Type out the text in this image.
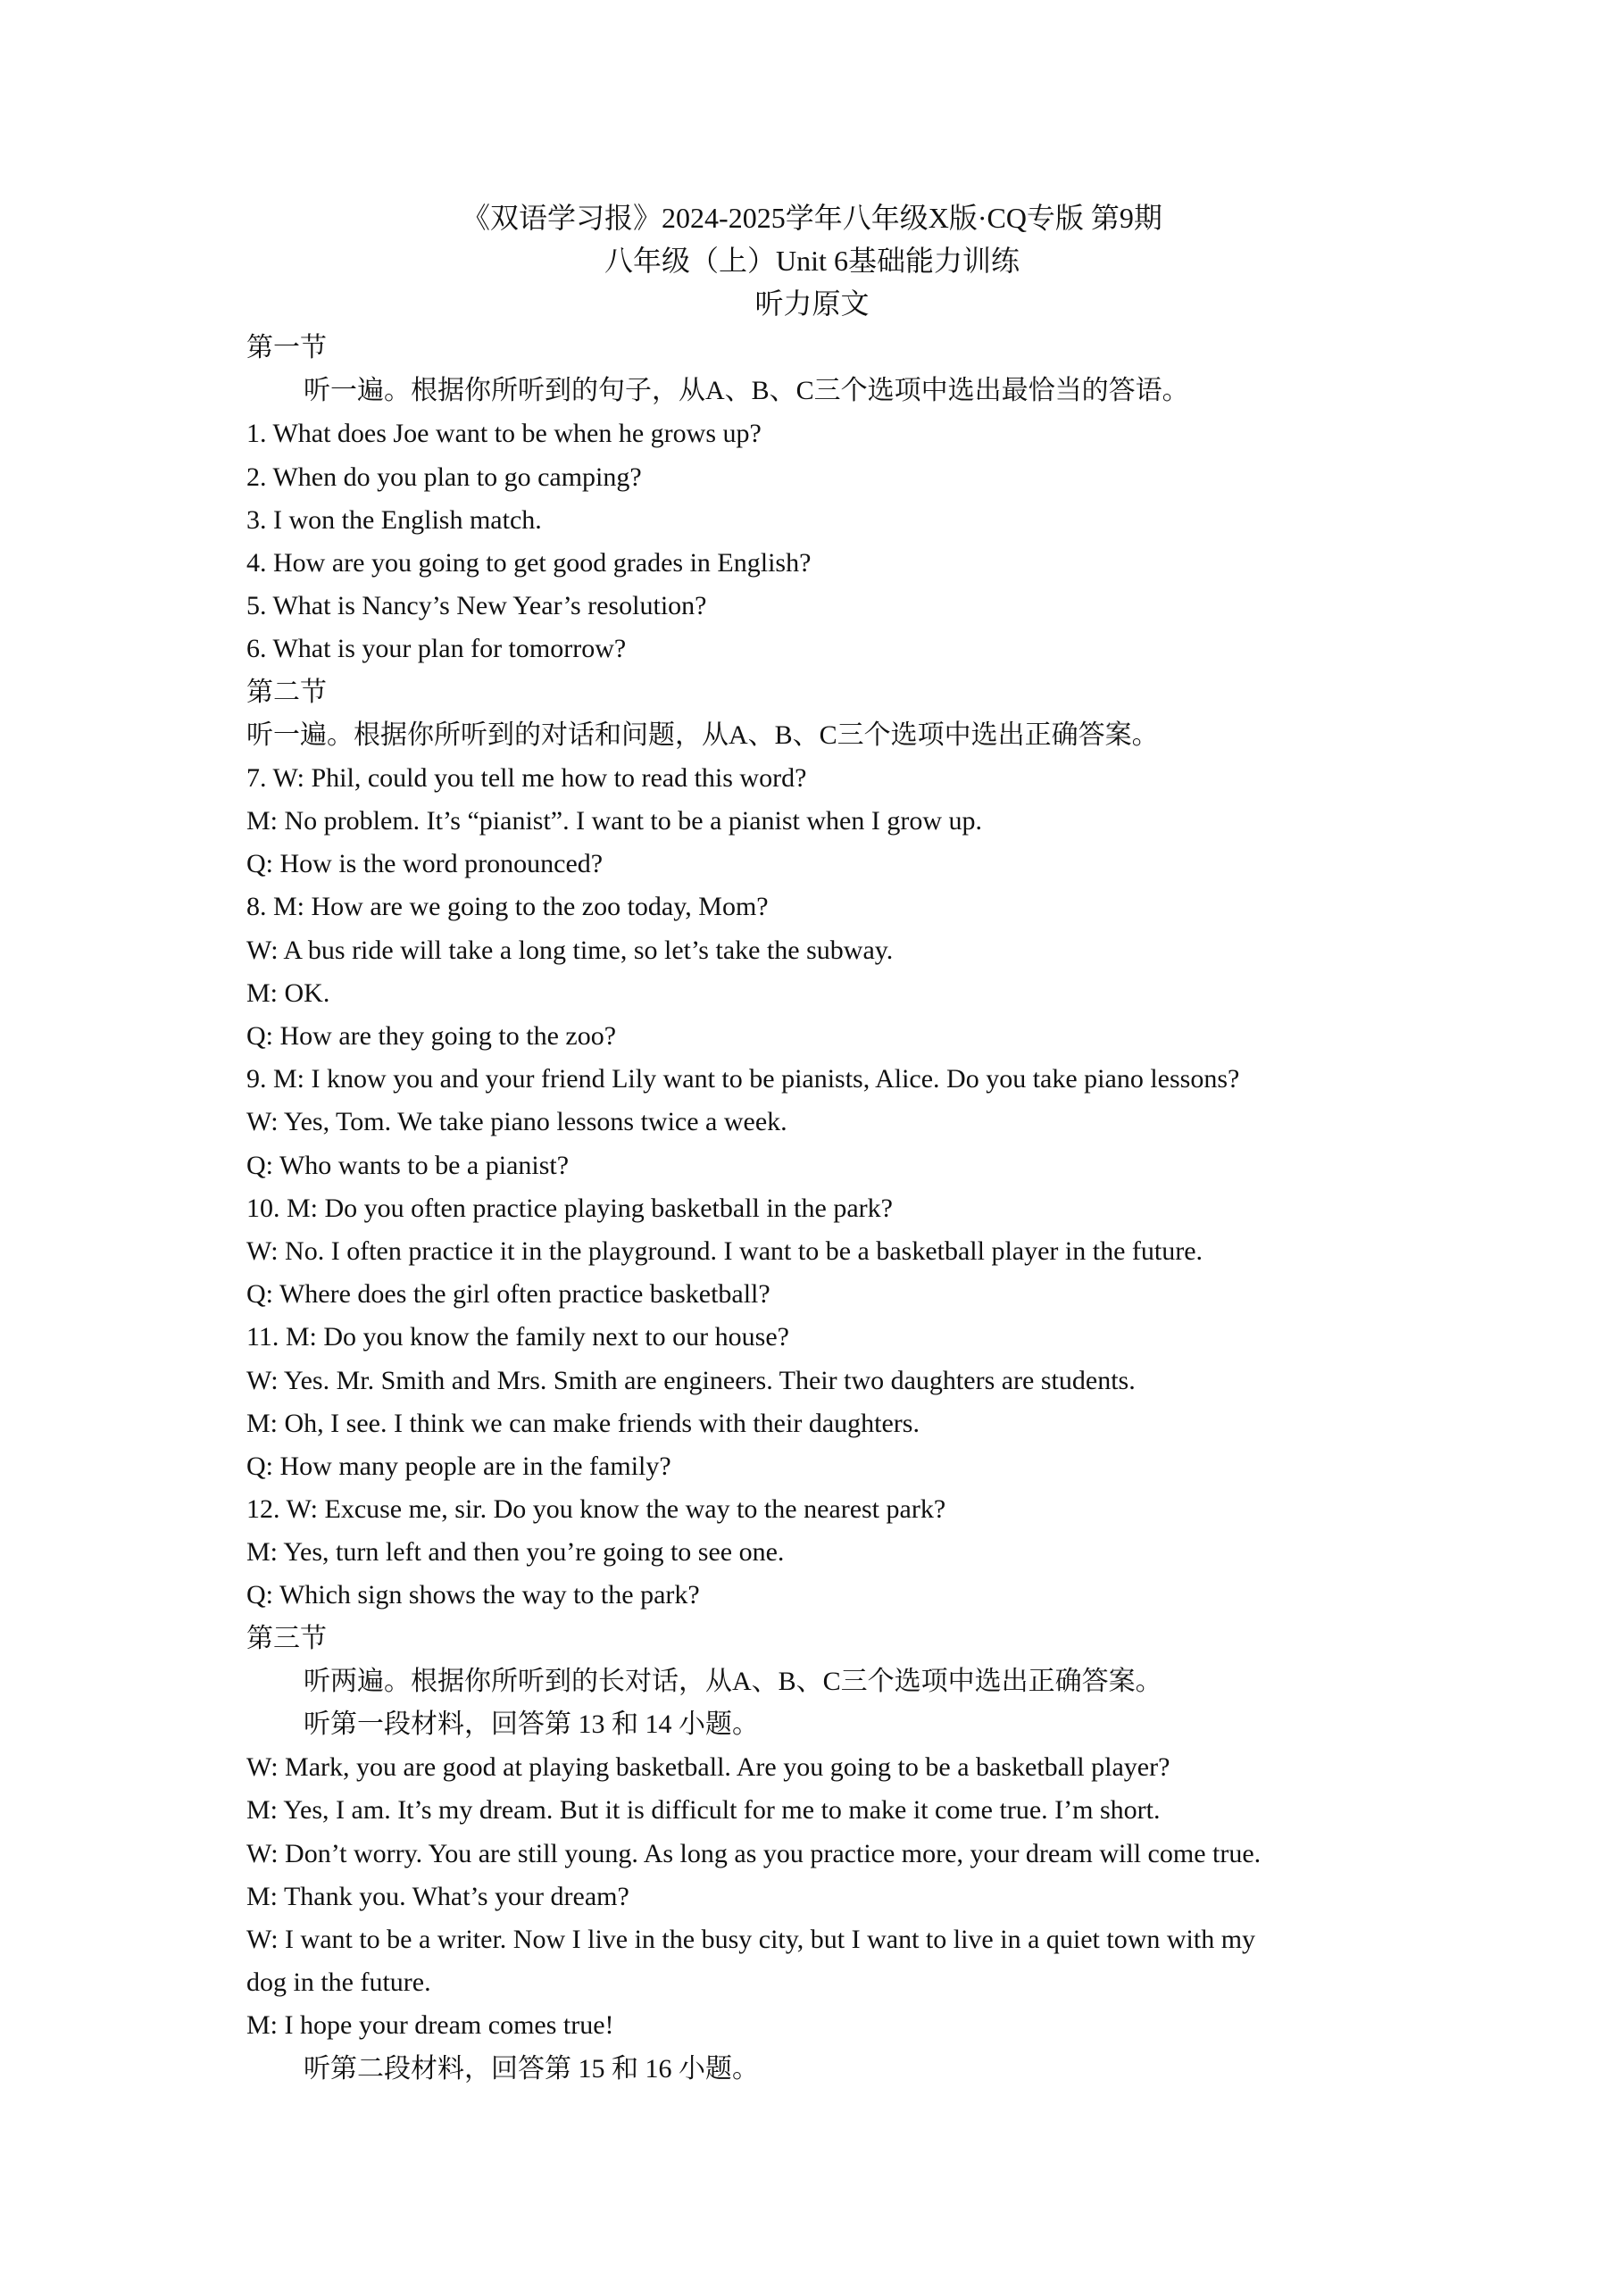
《双语学习报》2024-2025学年八年级X版·CQ专版 第9期
八年级（上）Unit 6基础能力训练
听力原文
第一节
听一遍。根据你所听到的句子，从A、B、C三个选项中选出最恰当的答语。
1. What does Joe want to be when he grows up?
2. When do you plan to go camping?
3. I won the English match.
4. How are you going to get good grades in English?
5. What is Nancy’s New Year’s resolution?
6. What is your plan for tomorrow?
第二节
听一遍。根据你所听到的对话和问题，从A、B、C三个选项中选出正确答案。
7. W: Phil, could you tell me how to read this word?
M: No problem. It’s “pianist”. I want to be a pianist when I grow up.
Q: How is the word pronounced?
8. M: How are we going to the zoo today, Mom?
W: A bus ride will take a long time, so let’s take the subway.
M: OK.
Q: How are they going to the zoo?
9. M: I know you and your friend Lily want to be pianists, Alice. Do you take piano lessons?
W: Yes, Tom. We take piano lessons twice a week.
Q: Who wants to be a pianist?
10. M: Do you often practice playing basketball in the park?
W: No. I often practice it in the playground. I want to be a basketball player in the future.
Q: Where does the girl often practice basketball?
11. M: Do you know the family next to our house?
W: Yes. Mr. Smith and Mrs. Smith are engineers. Their two daughters are students.
M: Oh, I see. I think we can make friends with their daughters.
Q: How many people are in the family?
12. W: Excuse me, sir. Do you know the way to the nearest park?
M: Yes, turn left and then you’re going to see one.
Q: Which sign shows the way to the park?
第三节
听两遍。根据你所听到的长对话，从A、B、C三个选项中选出正确答案。
听第一段材料，回答第 13 和 14 小题。
W: Mark, you are good at playing basketball. Are you going to be a basketball player?
M: Yes, I am. It’s my dream. But it is difficult for me to make it come true. I’m short.
W: Don’t worry. You are still young. As long as you practice more, your dream will come true.
M: Thank you. What’s your dream?
W: I want to be a writer. Now I live in the busy city, but I want to live in a quiet town with my
dog in the future.
M: I hope your dream comes true!
听第二段材料，回答第 15 和 16 小题。
